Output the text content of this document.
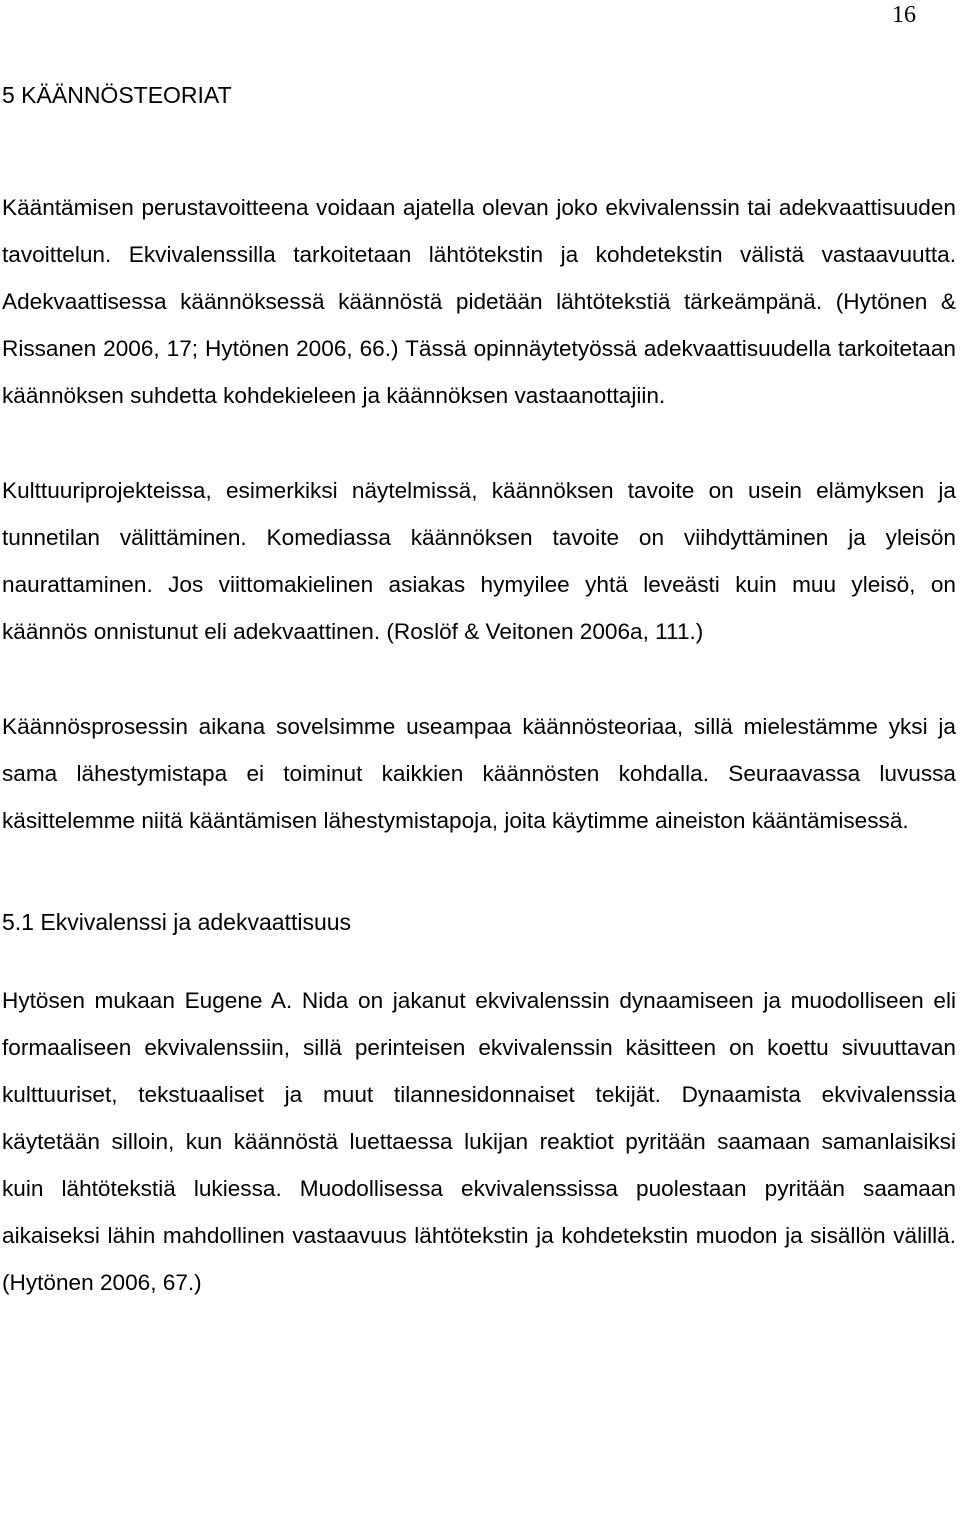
16
5 KÄÄNNÖSTEORIAT

Kääntämisen perustavoitteena voidaan ajatella olevan joko ekvivalenssin tai adekvaattisuuden tavoittelun. Ekvivalenssilla tarkoitetaan lähtötekstin ja kohdetekstin välistä vastaavuutta. Adekvaattisessa käännöksessä käännöstä pidetään lähtötekstiä tärkeämpänä. (Hytönen & Rissanen 2006, 17; Hytönen 2006, 66.) Tässä opinnäytetyössä adekvaattisuudella tarkoitetaan käännöksen suhdetta kohdekieleen ja käännöksen vastaanottajiin.

Kulttuuriprojekteissa, esimerkiksi näytelmissä, käännöksen tavoite on usein elämyksen ja tunnetilan välittäminen. Komediassa käännöksen tavoite on viihdyttäminen ja yleisön naurattaminen. Jos viittomakielinen asiakas hymyilee yhtä leveästi kuin muu yleisö, on käännös onnistunut eli adekvaattinen. (Roslöf & Veitonen 2006a, 111.)

Käännösprosessin aikana sovelsimme useampaa käännösteoriaa, sillä mielestämme yksi ja sama lähestymistapa ei toiminut kaikkien käännösten kohdalla. Seuraavassa luvussa käsittelemme niitä kääntämisen lähestymistapoja, joita käytimme aineiston kääntämisessä.

5.1 Ekvivalenssi ja adekvaattisuus

Hytösen mukaan Eugene A. Nida on jakanut ekvivalenssin dynaamiseen ja muodolliseen eli formaaliseen ekvivalenssiin, sillä perinteisen ekvivalenssin käsitteen on koettu sivuuttavan kulttuuriset, tekstuaaliset ja muut tilannesidonnaiset tekijät. Dynaamista ekvivalenssia käytetään silloin, kun käännöstä luettaessa lukijan reaktiot pyritään saamaan samanlaisiksi kuin lähtötekstiä lukiessa. Muodollisessa ekvivalenssissa puolestaan pyritään saamaan aikaiseksi lähin mahdollinen vastaavuus lähtötekstin ja kohdetekstin muodon ja sisällön välillä. (Hytönen 2006, 67.)
